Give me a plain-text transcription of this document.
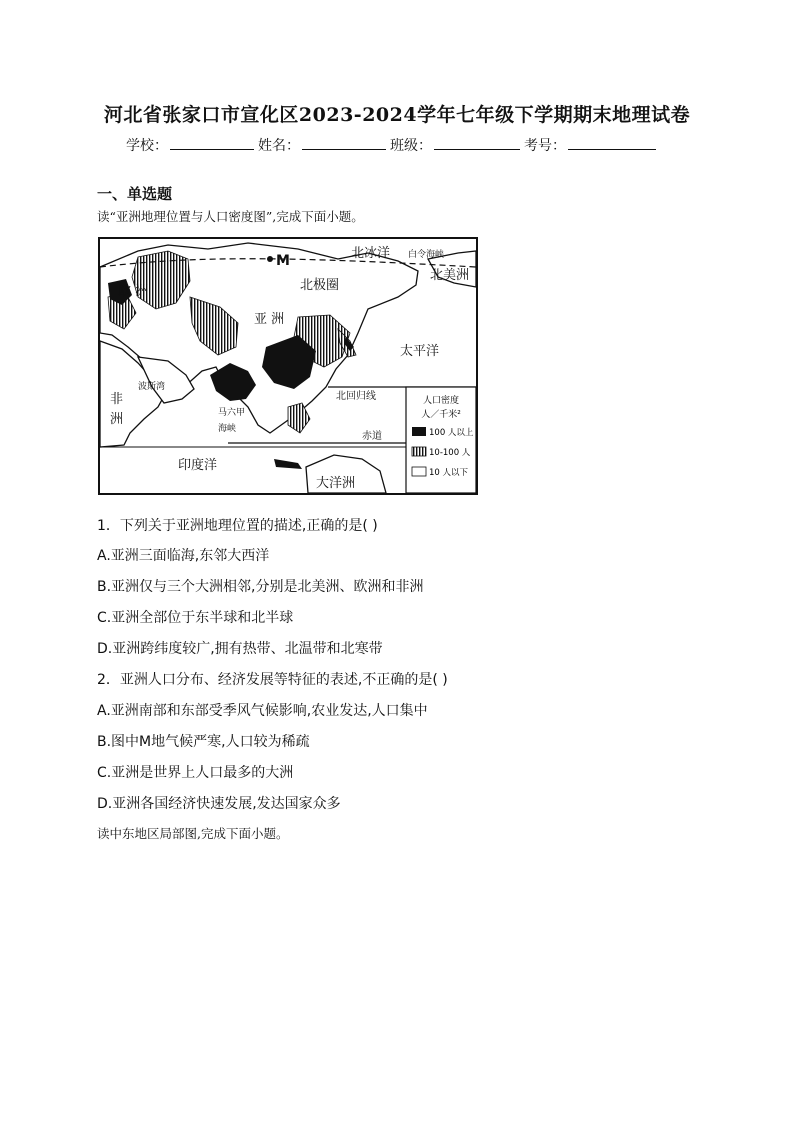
河北省张家口市宣化区2023-2024学年七年级下学期期末地理试卷
学校：	姓名：	班级：	考号：
一、单选题
读“亚洲地理位置与人口密度图”,完成下面小题。
人口密度
人／千米²
100 人以上
10-100 人
10 人以下
北冰洋 白令海峡
北美洲
M
北极圈
欧 洲
亚 洲
太平洋
波斯湾
非
洲
北回归线
马六甲
海峡
赤道
印度洋
大洋洲
1．下列关于亚洲地理位置的描述,正确的是( )
A.亚洲三面临海,东邻大西洋
B.亚洲仅与三个大洲相邻,分别是北美洲、欧洲和非洲
C.亚洲全部位于东半球和北半球
D.亚洲跨纬度较广,拥有热带、北温带和北寒带
2．亚洲人口分布、经济发展等特征的表述,不正确的是( )
A.亚洲南部和东部受季风气候影响,农业发达,人口集中
B.图中M地气候严寒,人口较为稀疏
C.亚洲是世界上人口最多的大洲
D.亚洲各国经济快速发展,发达国家众多
读中东地区局部图,完成下面小题。
